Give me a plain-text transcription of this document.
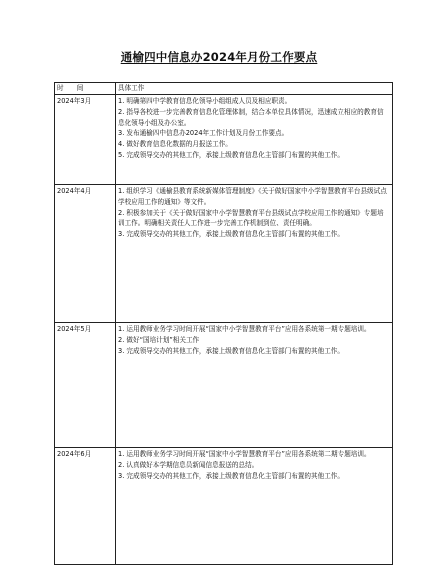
通榆四中信息办2024年月份工作要点
时　　间	具体工作
2024年3月	1. 明确第四中学教育信息化领导小组组成人员及相应职责。
2. 指导各校进一步完善教育信息化管理体制，结合本单位具体情况，迅速成立相应的教育信息化领导小组及办公室。
3. 发布通榆四中信息办2024年工作计划及月份工作要点。
4. 做好教育信息化数据的月报送工作。
5. 完成领导交办的其他工作，承接上级教育信息化主管部门布置的其他工作。

2024年4月	1. 组织学习《通榆县教育系统新媒体管理制度》《关于做好国家中小学智慧教育平台县级试点学校应用工作的通知》等文件。
2. 积极参加关于《关于做好国家中小学智慧教育平台县级试点学校应用工作的通知》专题培训工作。明确相关责任人工作进一步完善工作机制到位、责任明确。
3. 完成领导交办的其他工作，承接上级教育信息化主管部门布置的其他工作。

2024年5月	1. 运用教师业务学习时间开展“国家中小学智慧教育平台”应用各系统第一期专题培训。
2. 做好“国培计划”相关工作
3. 完成领导交办的其他工作，承接上级教育信息化主管部门布置的其他工作。

2024年6月	1. 运用教师业务学习时间开展“国家中小学智慧教育平台”应用各系统第二期专题培训。
2. 认真做好本学期信息员新闻信息报送的总结。
3. 完成领导交办的其他工作，承接上级教育信息化主管部门布置的其他工作。
